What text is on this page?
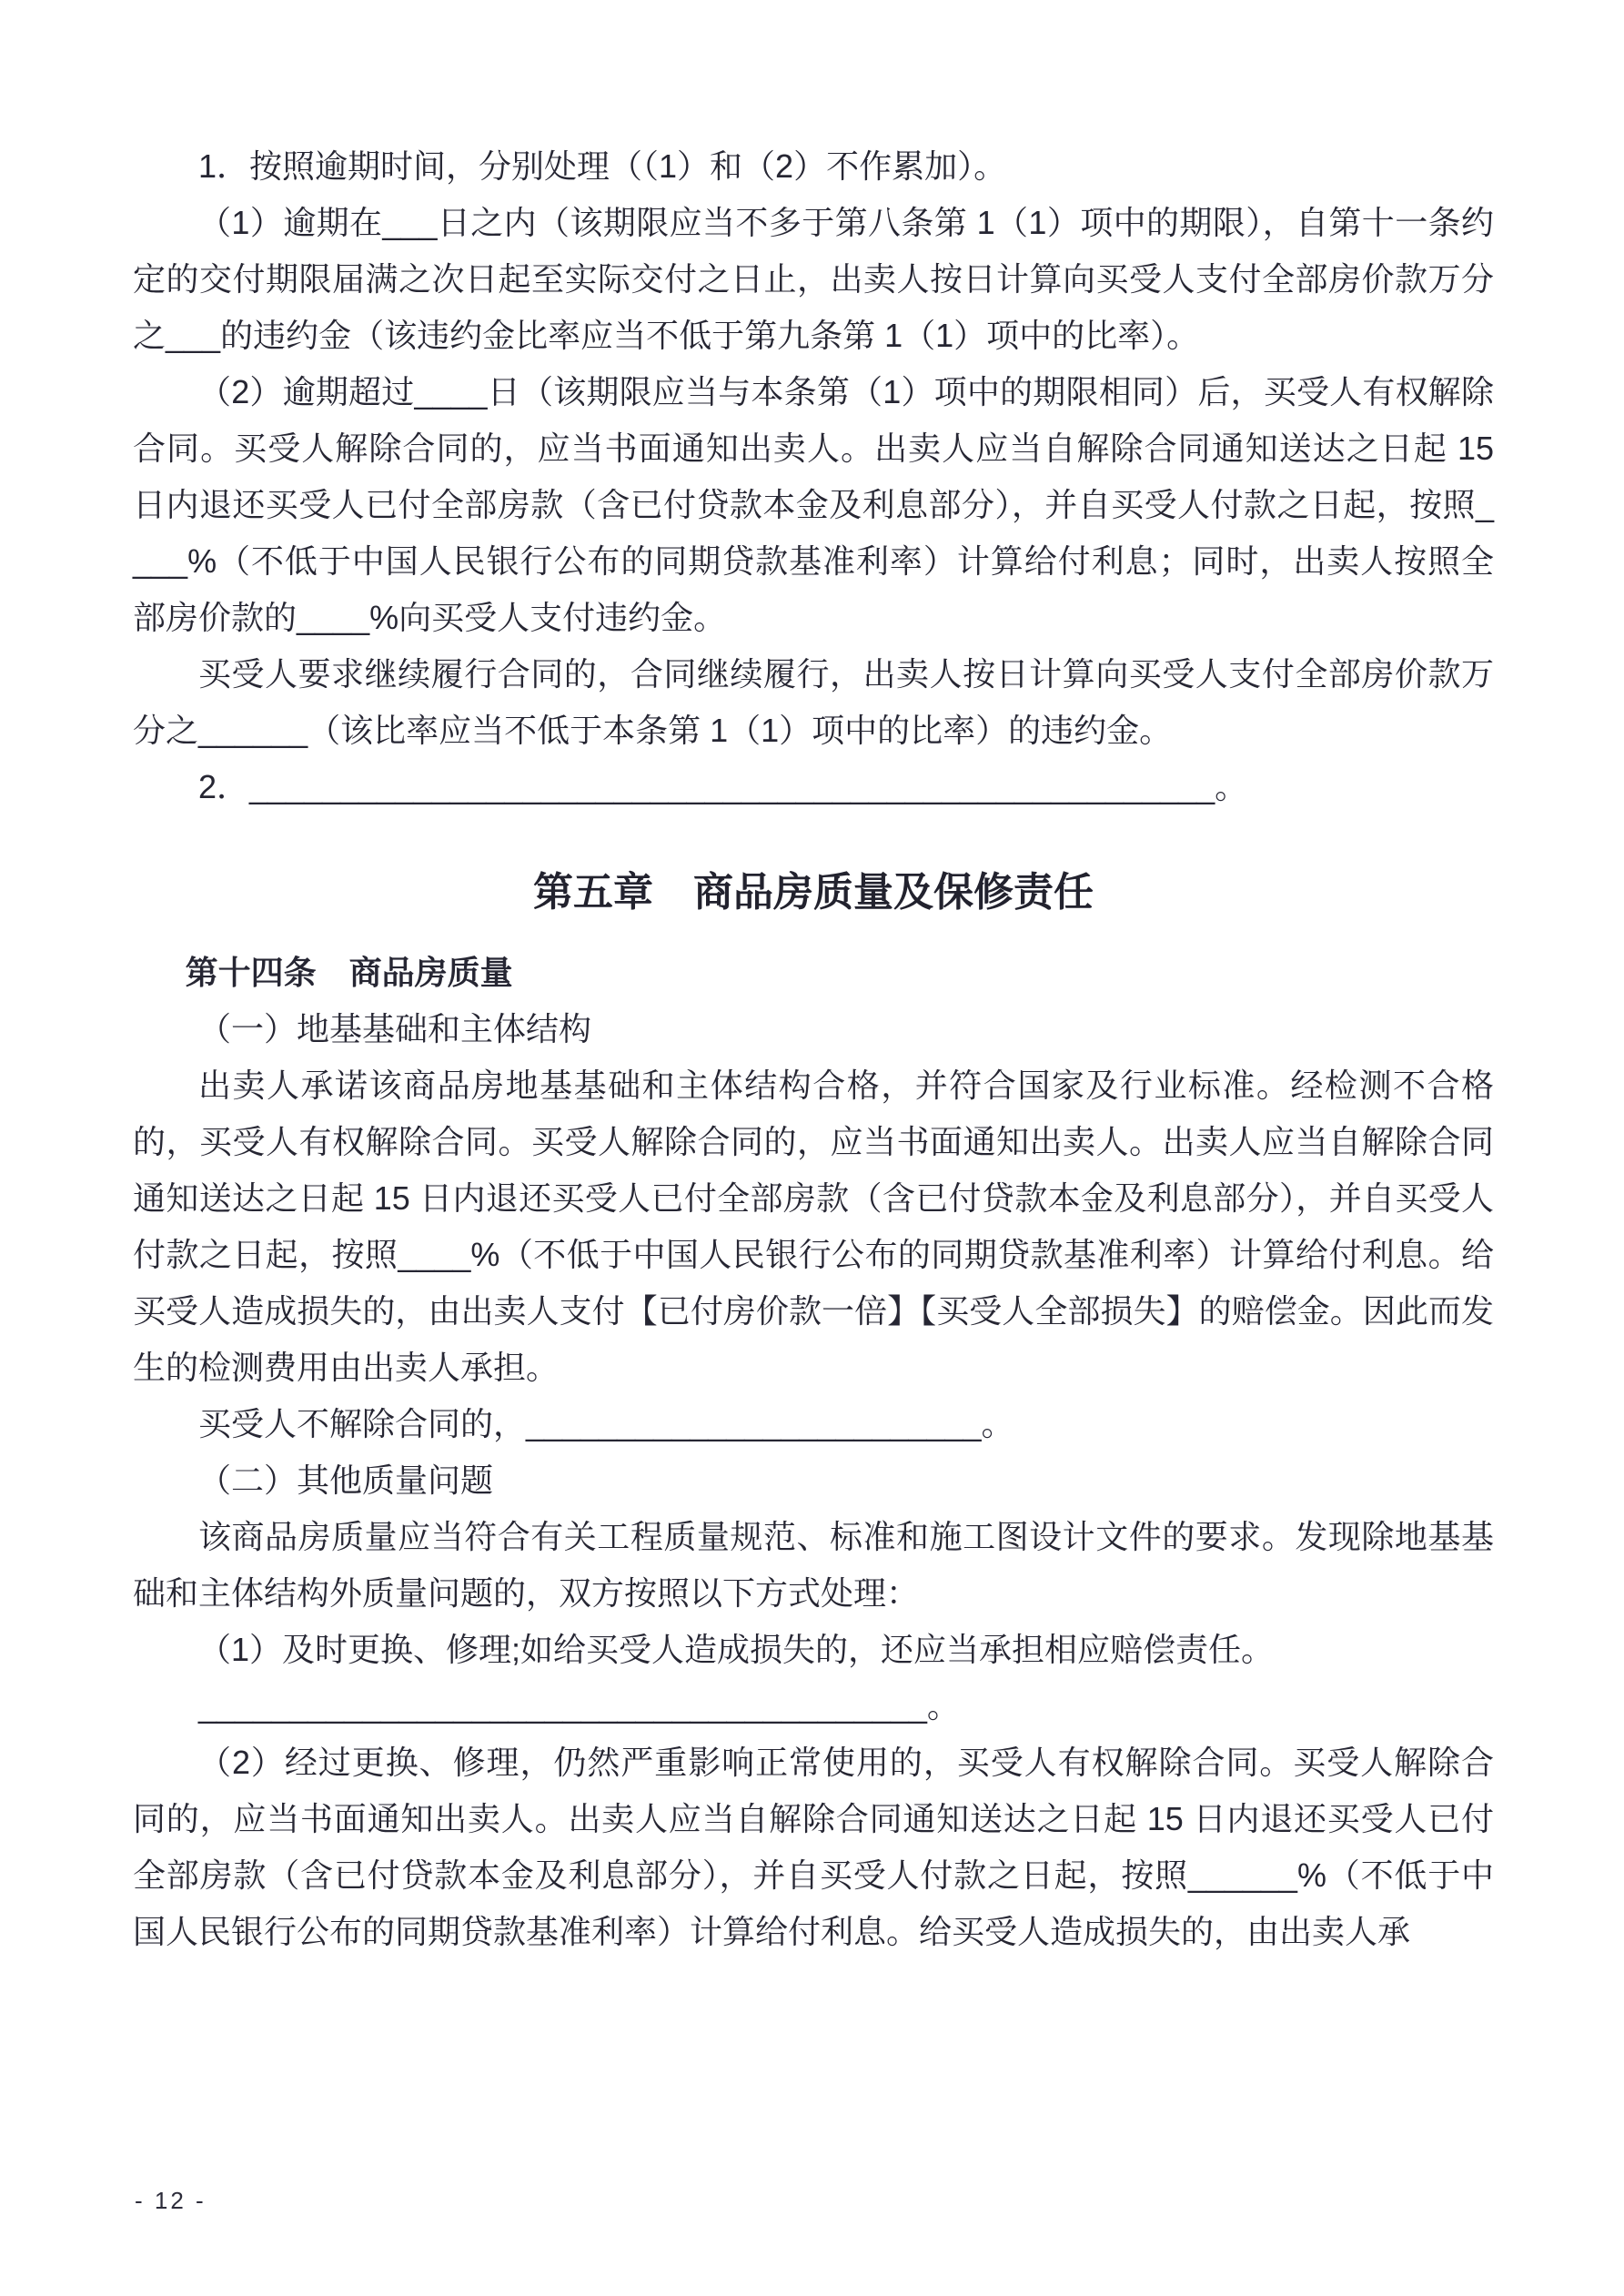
1．按照逾期时间，分别处理（（1）和（2）不作累加）。

（1）逾期在___日之内（该期限应当不多于第八条第 1（1）项中的期限），自第十一条约定的交付期限届满之次日起至实际交付之日止，出卖人按日计算向买受人支付全部房价款万分之___的违约金（该违约金比率应当不低于第九条第 1（1）项中的比率）。

（2）逾期超过____日（该期限应当与本条第（1）项中的期限相同）后，买受人有权解除合同。买受人解除合同的，应当书面通知出卖人。出卖人应当自解除合同通知送达之日起 15 日内退还买受人已付全部房款（含已付贷款本金及利息部分），并自买受人付款之日起，按照____%（不低于中国人民银行公布的同期贷款基准利率）计算给付利息；同时，出卖人按照全部房价款的____%向买受人支付违约金。

买受人要求继续履行合同的，合同继续履行，出卖人按日计算向买受人支付全部房价款万分之______（该比率应当不低于本条第 1（1）项中的比率）的违约金。

2．_____________________________________________________。

第五章　商品房质量及保修责任

第十四条　商品房质量

（一）地基基础和主体结构

出卖人承诺该商品房地基基础和主体结构合格，并符合国家及行业标准。经检测不合格的，买受人有权解除合同。买受人解除合同的，应当书面通知出卖人。出卖人应当自解除合同通知送达之日起 15 日内退还买受人已付全部房款（含已付贷款本金及利息部分），并自买受人付款之日起，按照____%（不低于中国人民银行公布的同期贷款基准利率）计算给付利息。给买受人造成损失的，由出卖人支付【已付房价款一倍】【买受人全部损失】的赔偿金。因此而发生的检测费用由出卖人承担。

买受人不解除合同的，_________________________。

（二）其他质量问题

该商品房质量应当符合有关工程质量规范、标准和施工图设计文件的要求。发现除地基基础和主体结构外质量问题的，双方按照以下方式处理：

（1）及时更换、修理;如给买受人造成损失的，还应当承担相应赔偿责任。

________________________________________。

（2）经过更换、修理，仍然严重影响正常使用的，买受人有权解除合同。买受人解除合同的，应当书面通知出卖人。出卖人应当自解除合同通知送达之日起 15 日内退还买受人已付全部房款（含已付贷款本金及利息部分），并自买受人付款之日起，按照______%（不低于中国人民银行公布的同期贷款基准利率）计算给付利息。给买受人造成损失的，由出卖人承

- 12 -
